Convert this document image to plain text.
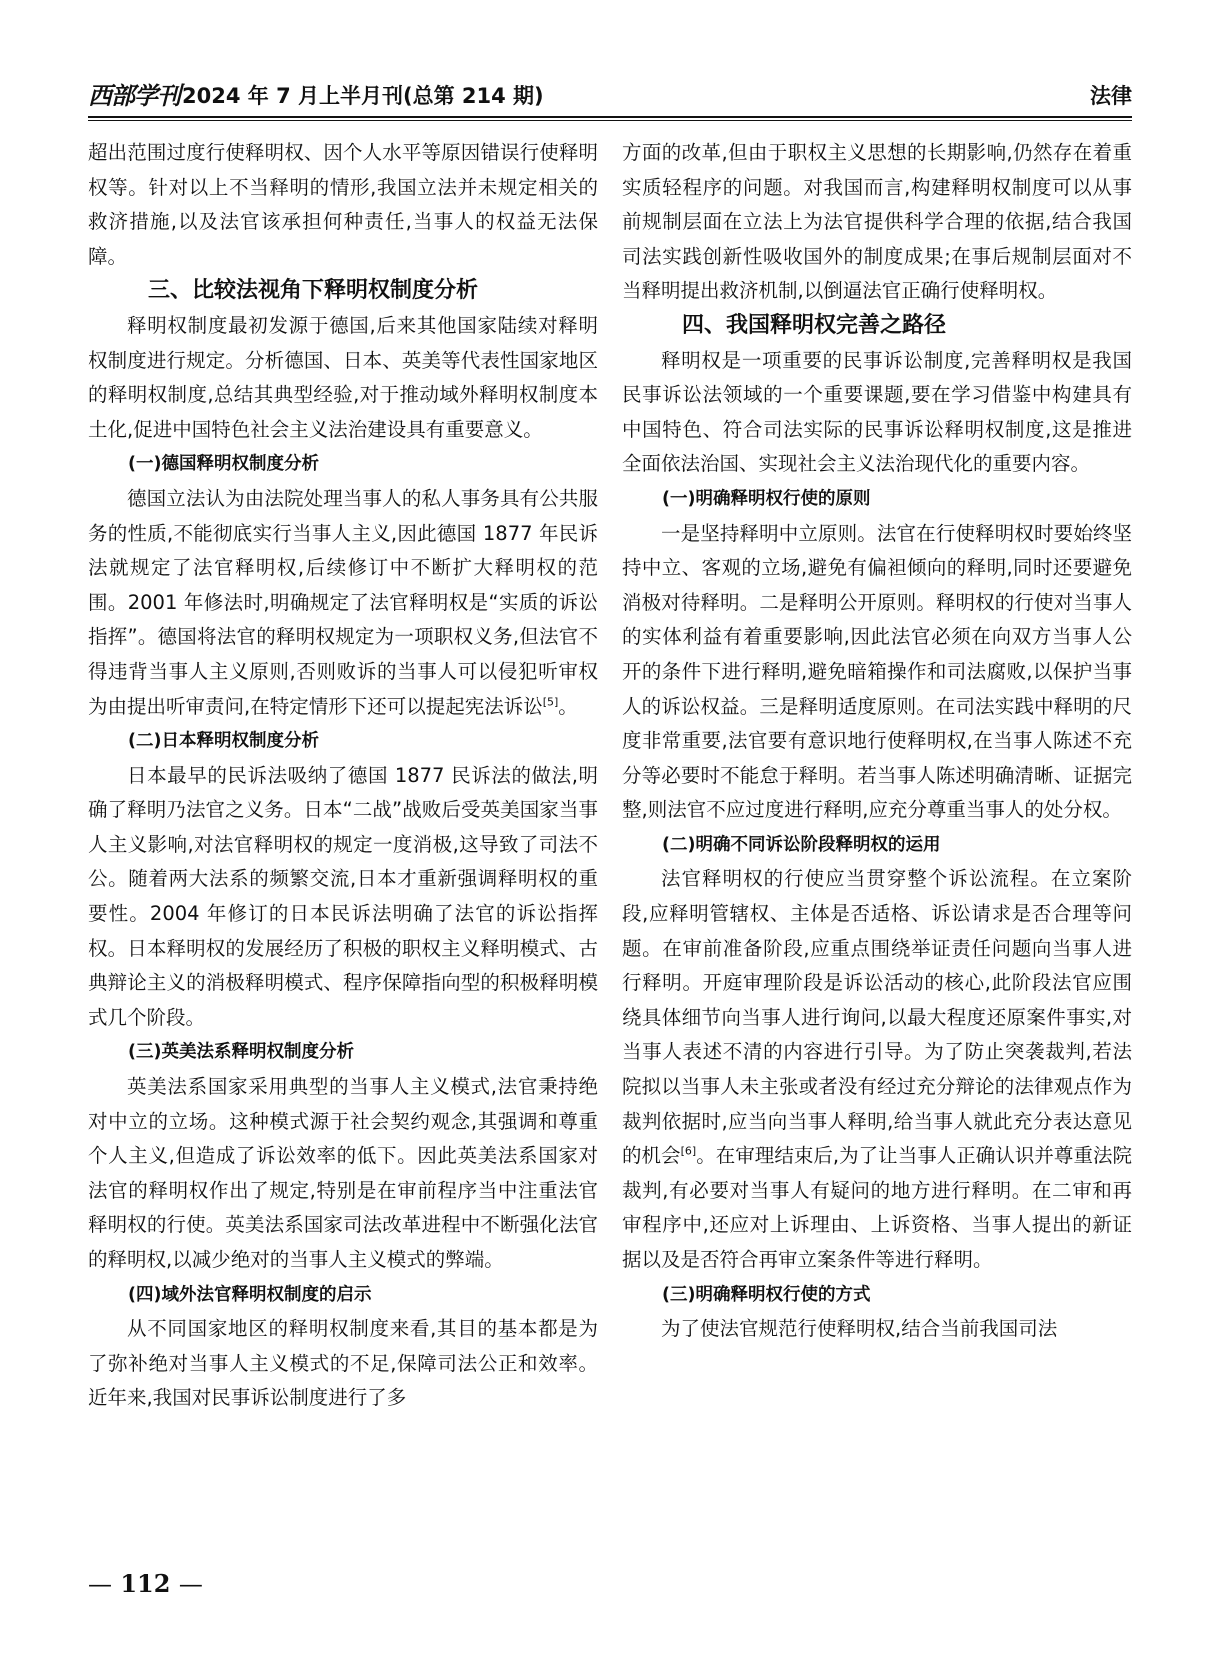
西部学刊 2024 年 7 月上半月刊(总第 214 期)	法律

超出范围过度行使释明权、因个人水平等原因错误行使释明权等。针对以上不当释明的情形,我国立法并未规定相关的救济措施,以及法官该承担何种责任,当事人的权益无法保障。

三、比较法视角下释明权制度分析

释明权制度最初发源于德国,后来其他国家陆续对释明权制度进行规定。分析德国、日本、英美等代表性国家地区的释明权制度,总结其典型经验,对于推动域外释明权制度本土化,促进中国特色社会主义法治建设具有重要意义。

(一)德国释明权制度分析

德国立法认为由法院处理当事人的私人事务具有公共服务的性质,不能彻底实行当事人主义,因此德国 1877 年民诉法就规定了法官释明权,后续修订中不断扩大释明权的范围。2001 年修法时,明确规定了法官释明权是“实质的诉讼指挥”。德国将法官的释明权规定为一项职权义务,但法官不得违背当事人主义原则,否则败诉的当事人可以侵犯听审权为由提出听审责问,在特定情形下还可以提起宪法诉讼[5]。

(二)日本释明权制度分析

日本最早的民诉法吸纳了德国 1877 民诉法的做法,明确了释明乃法官之义务。日本“二战”战败后受英美国家当事人主义影响,对法官释明权的规定一度消极,这导致了司法不公。随着两大法系的频繁交流,日本才重新强调释明权的重要性。2004 年修订的日本民诉法明确了法官的诉讼指挥权。日本释明权的发展经历了积极的职权主义释明模式、古典辩论主义的消极释明模式、程序保障指向型的积极释明模式几个阶段。

(三)英美法系释明权制度分析

英美法系国家采用典型的当事人主义模式,法官秉持绝对中立的立场。这种模式源于社会契约观念,其强调和尊重个人主义,但造成了诉讼效率的低下。因此英美法系国家对法官的释明权作出了规定,特别是在审前程序当中注重法官释明权的行使。英美法系国家司法改革进程中不断强化法官的释明权,以减少绝对的当事人主义模式的弊端。

(四)域外法官释明权制度的启示

从不同国家地区的释明权制度来看,其目的基本都是为了弥补绝对当事人主义模式的不足,保障司法公正和效率。近年来,我国对民事诉讼制度进行了多

方面的改革,但由于职权主义思想的长期影响,仍然存在着重实质轻程序的问题。对我国而言,构建释明权制度可以从事前规制层面在立法上为法官提供科学合理的依据,结合我国司法实践创新性吸收国外的制度成果;在事后规制层面对不当释明提出救济机制,以倒逼法官正确行使释明权。

四、我国释明权完善之路径

释明权是一项重要的民事诉讼制度,完善释明权是我国民事诉讼法领域的一个重要课题,要在学习借鉴中构建具有中国特色、符合司法实际的民事诉讼释明权制度,这是推进全面依法治国、实现社会主义法治现代化的重要内容。

(一)明确释明权行使的原则

一是坚持释明中立原则。法官在行使释明权时要始终坚持中立、客观的立场,避免有偏袒倾向的释明,同时还要避免消极对待释明。二是释明公开原则。释明权的行使对当事人的实体利益有着重要影响,因此法官必须在向双方当事人公开的条件下进行释明,避免暗箱操作和司法腐败,以保护当事人的诉讼权益。三是释明适度原则。在司法实践中释明的尺度非常重要,法官要有意识地行使释明权,在当事人陈述不充分等必要时不能怠于释明。若当事人陈述明确清晰、证据完整,则法官不应过度进行释明,应充分尊重当事人的处分权。

(二)明确不同诉讼阶段释明权的运用

法官释明权的行使应当贯穿整个诉讼流程。在立案阶段,应释明管辖权、主体是否适格、诉讼请求是否合理等问题。在审前准备阶段,应重点围绕举证责任问题向当事人进行释明。开庭审理阶段是诉讼活动的核心,此阶段法官应围绕具体细节向当事人进行询问,以最大程度还原案件事实,对当事人表述不清的内容进行引导。为了防止突袭裁判,若法院拟以当事人未主张或者没有经过充分辩论的法律观点作为裁判依据时,应当向当事人释明,给当事人就此充分表达意见的机会[6]。在审理结束后,为了让当事人正确认识并尊重法院裁判,有必要对当事人有疑问的地方进行释明。在二审和再审程序中,还应对上诉理由、上诉资格、当事人提出的新证据以及是否符合再审立案条件等进行释明。

(三)明确释明权行使的方式

为了使法官规范行使释明权,结合当前我国司法

— 112 —
